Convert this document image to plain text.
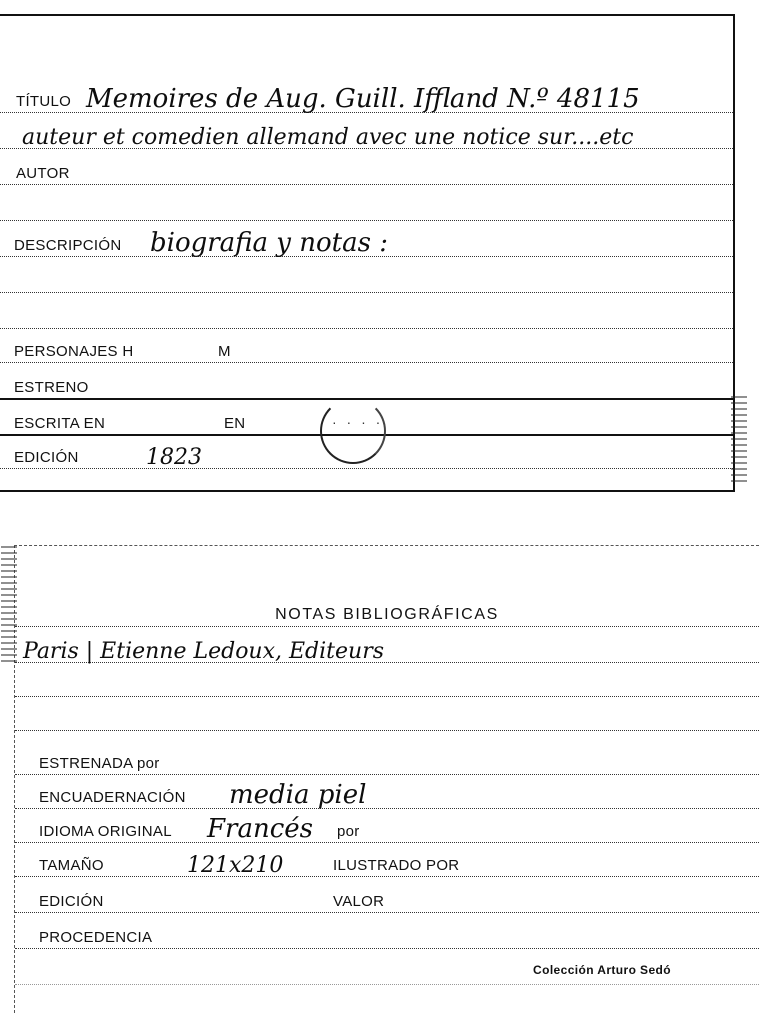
TÍTULO Memoires de Aug. Guill. Iffland N.º 48115
auteur et comedien allemand avec une notice sur....etc
AUTOR
DESCRIPCIÓN biografia y notas :
PERSONAJES H	M
ESTRENO
ESCRITA EN	EN
EDICIÓN	1823
· · · ·
NOTAS BIBLIOGRÁFICAS
Paris | Etienne Ledoux, Editeurs
ESTRENADA por
ENCUADERNACIÓN media piel
IDIOMA ORIGINAL Francés por
TAMAÑO	121x210	ILUSTRADO POR
EDICIÓN	VALOR
PROCEDENCIA
Colección Arturo Sedó
